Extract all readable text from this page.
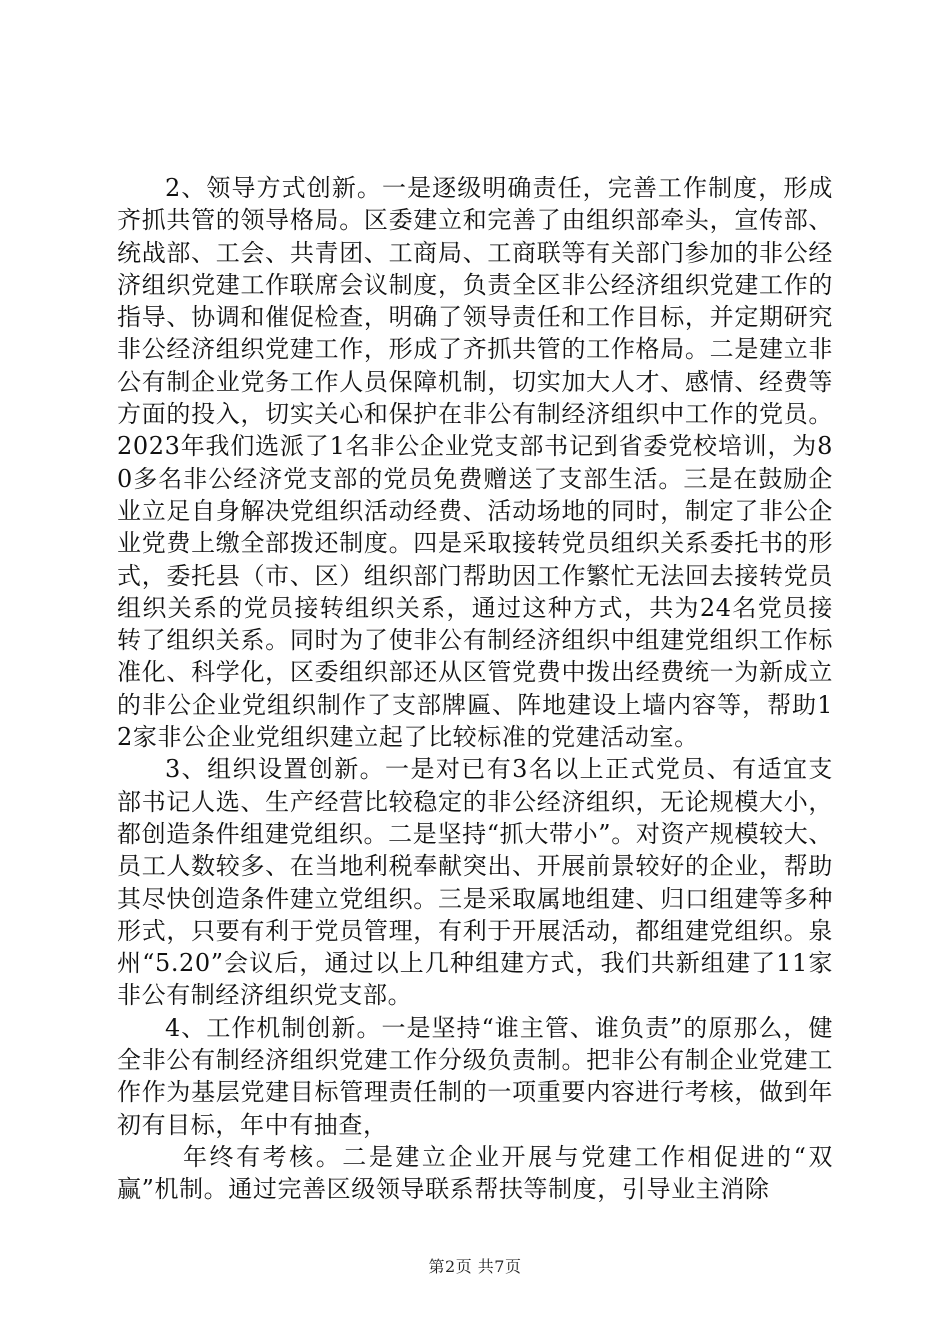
2、领导方式创新。一是逐级明确责任，完善工作制度，形成齐抓共管的领导格局。区委建立和完善了由组织部牵头，宣传部、统战部、工会、共青团、工商局、工商联等有关部门参加的非公经济组织党建工作联席会议制度，负责全区非公经济组织党建工作的指导、协调和催促检查，明确了领导责任和工作目标，并定期研究非公经济组织党建工作，形成了齐抓共管的工作格局。二是建立非公有制企业党务工作人员保障机制，切实加大人才、感情、经费等方面的投入，切实关心和保护在非公有制经济组织中工作的党员。2023年我们选派了1名非公企业党支部书记到省委党校培训，为80多名非公经济党支部的党员免费赠送了支部生活。三是在鼓励企业立足自身解决党组织活动经费、活动场地的同时，制定了非公企业党费上缴全部拨还制度。四是采取接转党员组织关系委托书的形式，委托县（市、区）组织部门帮助因工作繁忙无法回去接转党员组织关系的党员接转组织关系，通过这种方式，共为24名党员接转了组织关系。同时为了使非公有制经济组织中组建党组织工作标准化、科学化，区委组织部还从区管党费中拨出经费统一为新成立的非公企业党组织制作了支部牌匾、阵地建设上墙内容等，帮助12家非公企业党组织建立起了比较标准的党建活动室。

3、组织设置创新。一是对已有3名以上正式党员、有适宜支部书记人选、生产经营比较稳定的非公经济组织，无论规模大小，都创造条件组建党组织。二是坚持“抓大带小”。对资产规模较大、员工人数较多、在当地利税奉献突出、开展前景较好的企业，帮助其尽快创造条件建立党组织。三是采取属地组建、归口组建等多种形式，只要有利于党员管理，有利于开展活动，都组建党组织。泉州“5.20”会议后，通过以上几种组建方式，我们共新组建了11家非公有制经济组织党支部。

4、工作机制创新。一是坚持“谁主管、谁负责”的原那么，健全非公有制经济组织党建工作分级负责制。把非公有制企业党建工作作为基层党建目标管理责任制的一项重要内容进行考核，做到年初有目标，年中有抽查，

年终有考核。二是建立企业开展与党建工作相促进的“双赢”机制。通过完善区级领导联系帮扶等制度，引导业主消除

第2页 共7页
